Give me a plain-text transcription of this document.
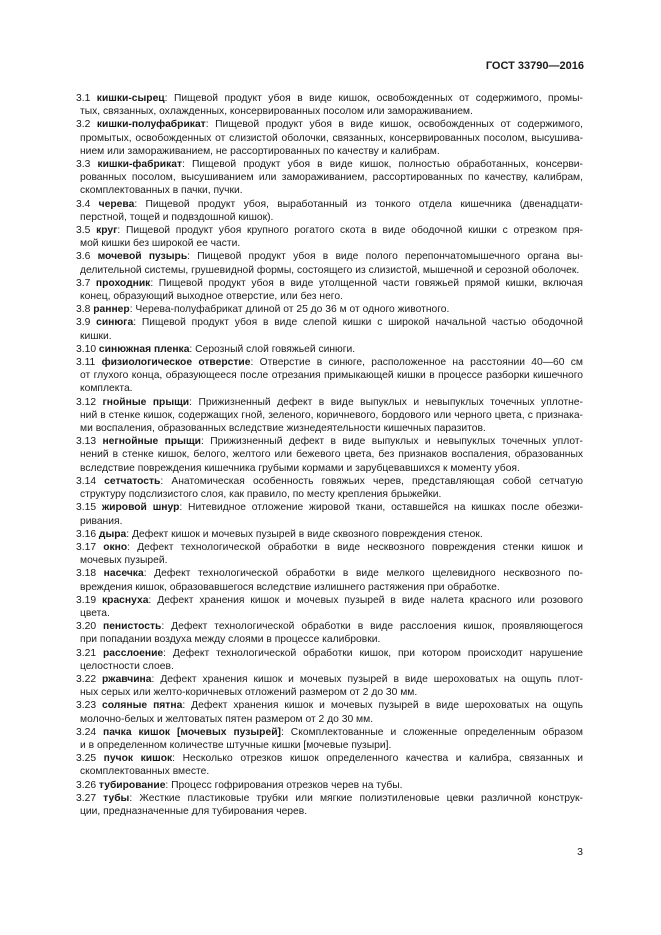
ГОСТ 33790—2016
3.1 кишки-сырец: Пищевой продукт убоя в виде кишок, освобожденных от содержимого, промы-
тых, связанных, охлажденных, консервированных посолом или замораживанием.
3.2 кишки-полуфабрикат: Пищевой продукт убоя в виде кишок, освобожденных от содержимого,
промытых, освобожденных от слизистой оболочки, связанных, консервированных посолом, высушива-
нием или замораживанием, не рассортированных по качеству и калибрам.
3.3 кишки-фабрикат: Пищевой продукт убоя в виде кишок, полностью обработанных, консерви-
рованных посолом, высушиванием или замораживанием, рассортированных по качеству, калибрам,
скомплектованных в пачки, пучки.
3.4 черева: Пищевой продукт убоя, выработанный из тонкого отдела кишечника (двенадцати-
перстной, тощей и подвздошной кишок).
3.5 круг: Пищевой продукт убоя крупного рогатого скота в виде ободочной кишки с отрезком пря-
мой кишки без широкой ее части.
3.6 мочевой пузырь: Пищевой продукт убоя в виде полого перепончатомышечного органа вы-
делительной системы, грушевидной формы, состоящего из слизистой, мышечной и серозной оболочек.
3.7 проходник: Пищевой продукт убоя в виде утолщенной части говяжьей прямой кишки, включая
конец, образующий выходное отверстие, или без него.
3.8 раннер: Черева-полуфабрикат длиной от 25 до 36 м от одного животного.
3.9 синюга: Пищевой продукт убоя в виде слепой кишки с широкой начальной частью ободочной
кишки.
3.10 синюжная пленка: Серозный слой говяжьей синюги.
3.11 физиологическое отверстие: Отверстие в синюге, расположенное на расстоянии 40—60 см
от глухого конца, образующееся после отрезания примыкающей кишки в процессе разборки кишечного
комплекта.
3.12 гнойные прыщи: Прижизненный дефект в виде выпуклых и невыпуклых точечных уплотне-
ний в стенке кишок, содержащих гной, зеленого, коричневого, бордового или черного цвета, с признака-
ми воспаления, образованных вследствие жизнедеятельности кишечных паразитов.
3.13 негнойные прыщи: Прижизненный дефект в виде выпуклых и невыпуклых точечных уплот-
нений в стенке кишок, белого, желтого или бежевого цвета, без признаков воспаления, образованных
вследствие повреждения кишечника грубыми кормами и зарубцевавшихся к моменту убоя.
3.14 сетчатость: Анатомическая особенность говяжьих черев, представляющая собой сетчатую
структуру подслизистого слоя, как правило, по месту крепления брыжейки.
3.15 жировой шнур: Нитевидное отложение жировой ткани, оставшейся на кишках после обезжи-
ривания.
3.16 дыра: Дефект кишок и мочевых пузырей в виде сквозного повреждения стенок.
3.17 окно: Дефект технологической обработки в виде несквозного повреждения стенки кишок и
мочевых пузырей.
3.18 насечка: Дефект технологической обработки в виде мелкого щелевидного несквозного по-
вреждения кишок, образовавшегося вследствие излишнего растяжения при обработке.
3.19 краснуха: Дефект хранения кишок и мочевых пузырей в виде налета красного или розового
цвета.
3.20 пенистость: Дефект технологической обработки в виде расслоения кишок, проявляющегося
при попадании воздуха между слоями в процессе калибровки.
3.21 расслоение: Дефект технологической обработки кишок, при котором происходит нарушение
целостности слоев.
3.22 ржавчина: Дефект хранения кишок и мочевых пузырей в виде шероховатых на ощупь плот-
ных серых или желто-коричневых отложений размером от 2 до 30 мм.
3.23 соляные пятна: Дефект хранения кишок и мочевых пузырей в виде шероховатых на ощупь
молочно-белых и желтоватых пятен размером от 2 до 30 мм.
3.24 пачка кишок [мочевых пузырей]: Скомплектованные и сложенные определенным образом
и в определенном количестве штучные кишки [мочевые пузыри].
3.25 пучок кишок: Несколько отрезков кишок определенного качества и калибра, связанных и
скомплектованных вместе.
3.26 тубирование: Процесс гофрирования отрезков черев на тубы.
3.27 тубы: Жесткие пластиковые трубки или мягкие полиэтиленовые цевки различной конструк-
ции, предназначенные для тубирования черев.
3
